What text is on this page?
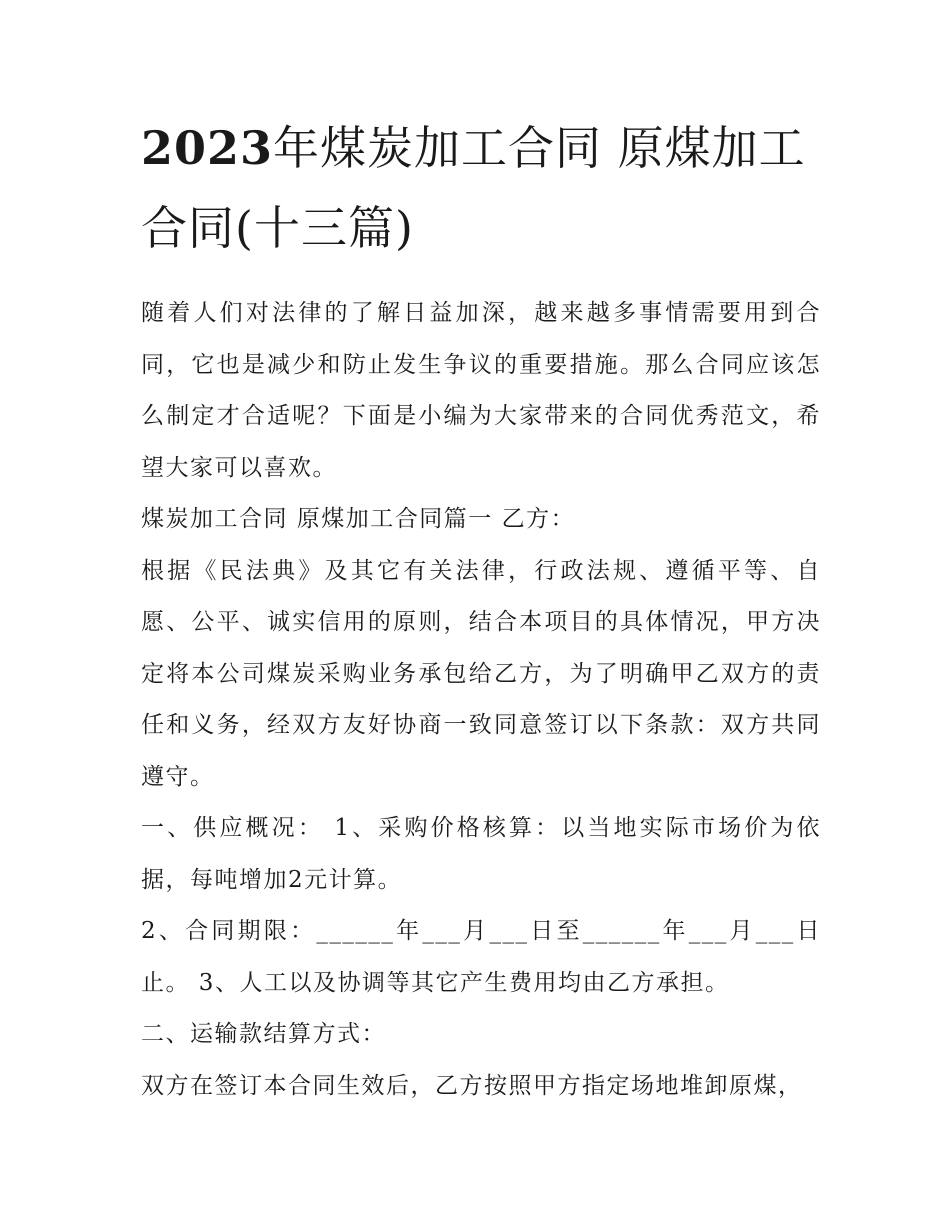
2023年煤炭加工合同 原煤加工合同(十三篇)

随着人们对法律的了解日益加深，越来越多事情需要用到合同，它也是减少和防止发生争议的重要措施。那么合同应该怎么制定才合适呢？下面是小编为大家带来的合同优秀范文，希望大家可以喜欢。

煤炭加工合同 原煤加工合同篇一 乙方：

根据《民法典》及其它有关法律，行政法规、遵循平等、自愿、公平、诚实信用的原则，结合本项目的具体情况，甲方决定将本公司煤炭采购业务承包给乙方，为了明确甲乙双方的责任和义务，经双方友好协商一致同意签订以下条款：双方共同遵守。

一、供应概况： 1、采购价格核算：以当地实际市场价为依据，每吨增加2元计算。

2、合同期限：______年___月___日至______年___月___日止。 3、人工以及协调等其它产生费用均由乙方承担。

二、运输款结算方式：

双方在签订本合同生效后，乙方按照甲方指定场地堆卸原煤，
